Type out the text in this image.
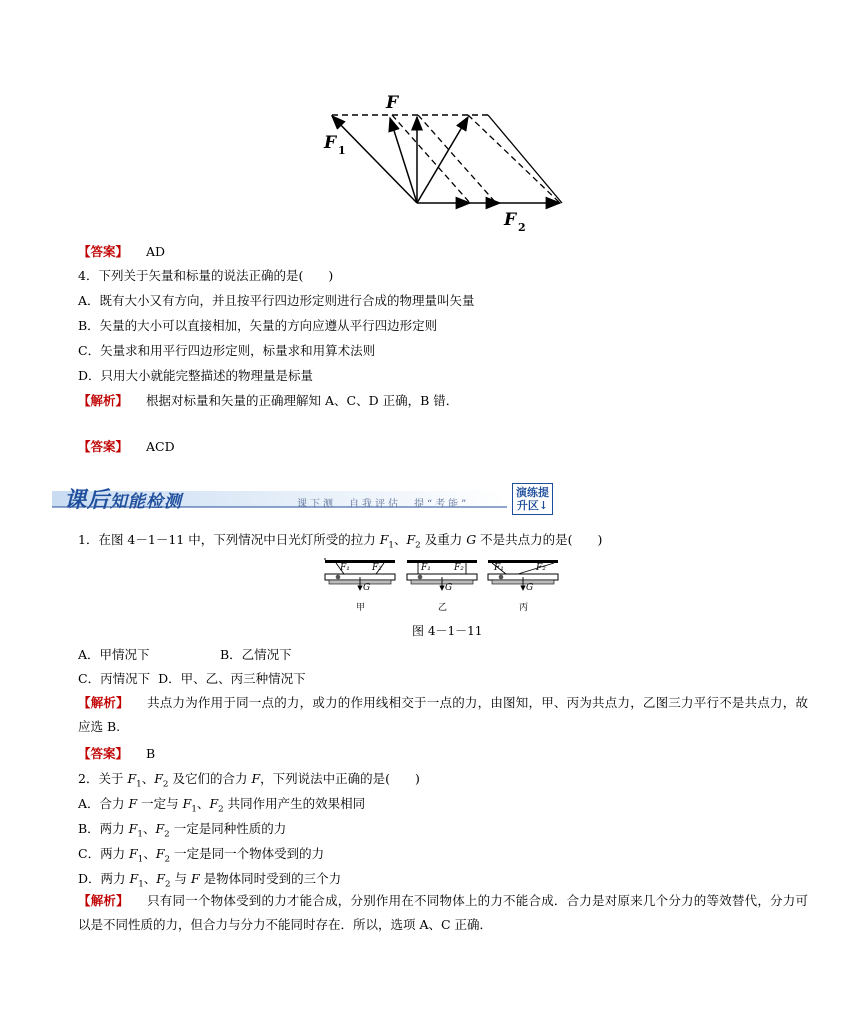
F
F 1
F 2
【答案】 AD
4．下列关于矢量和标量的说法正确的是(　　)
A．既有大小又有方向，并且按平行四边形定则进行合成的物理量叫矢量
B．矢量的大小可以直接相加，矢量的方向应遵从平行四边形定则
C．矢量求和用平行四边形定则，标量求和用算术法则
D．只用大小就能完整描述的物理量是标量
【解析】 根据对标量和矢量的正确理解知 A、C、D 正确，B 错．
【答案】 ACD
课后知能检测	课下测　自我评估　提“考能”
演练提
升区↓
1．在图 4－1－11 中，下列情况中日光灯所受的拉力 $F_1$、$F_2$ 及重力 G 不是共点力的是(　　)
F₁ F₂
G
F₁	F₂
G
F₁	F₂
G
甲	乙	丙
图 4－1－11
A．甲情况下	B．乙情况下
C．丙情况下 D．甲、乙、丙三种情况下
【解析】 共点力为作用于同一点的力，或力的作用线相交于一点的力，由图知，甲、丙为共点力，乙图三力平行不是共点力，故应选 B.
【答案】 B
2．关于 $F_1$、$F_2$ 及它们的合力 F，下列说法中正确的是(　　)
A．合力 F 一定与 $F_1$、$F_2$ 共同作用产生的效果相同
B．两力 $F_1$、$F_2$ 一定是同种性质的力
C．两力 $F_1$、$F_2$ 一定是同一个物体受到的力
D．两力 $F_1$、$F_2$ 与 F 是物体同时受到的三个力
【解析】 只有同一个物体受到的力才能合成，分别作用在不同物体上的力不能合成．合力是对原来几个分力的等效替代，分力可以是不同性质的力，但合力与分力不能同时存在．所以，选项 A、C 正确．
